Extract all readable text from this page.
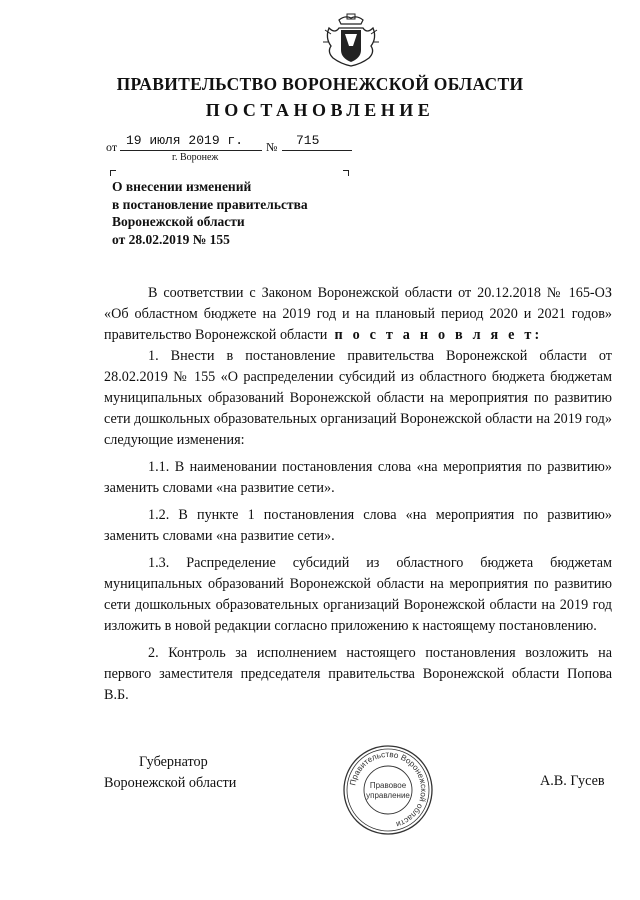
ПРАВИТЕЛЬСТВО ВОРОНЕЖСКОЙ ОБЛАСТИ
ПОСТАНОВЛЕНИЕ
от 19 июля 2019 г. № 715
г. Воронеж
О внесении изменений
в постановление правительства
Воронежской области
от 28.02.2019 № 155

В соответствии с Законом Воронежской области от 20.12.2018 № 165-ОЗ «Об областном бюджете на 2019 год и на плановый период 2020 и 2021 годов» правительство Воронежской области п о с т а н о в л я е т:

1. Внести в постановление правительства Воронежской области от 28.02.2019 № 155 «О распределении субсидий из областного бюджета бюджетам муниципальных образований Воронежской области на мероприятия по развитию сети дошкольных образовательных организаций Воронежской области на 2019 год» следующие изменения:

1.1. В наименовании постановления слова «на мероприятия по развитию» заменить словами «на развитие сети».

1.2. В пункте 1 постановления слова «на мероприятия по развитию» заменить словами «на развитие сети».

1.3. Распределение субсидий из областного бюджета бюджетам муниципальных образований Воронежской области на мероприятия по развитию сети дошкольных образовательных организаций Воронежской области на 2019 год изложить в новой редакции согласно приложению к настоящему постановлению.

2. Контроль за исполнением настоящего постановления возложить на первого заместителя председателя правительства Воронежской области Попова В.Б.

Губернатор
Воронежской области	А.В. Гусев
Правительство Воронежской области
Правовое
управление
